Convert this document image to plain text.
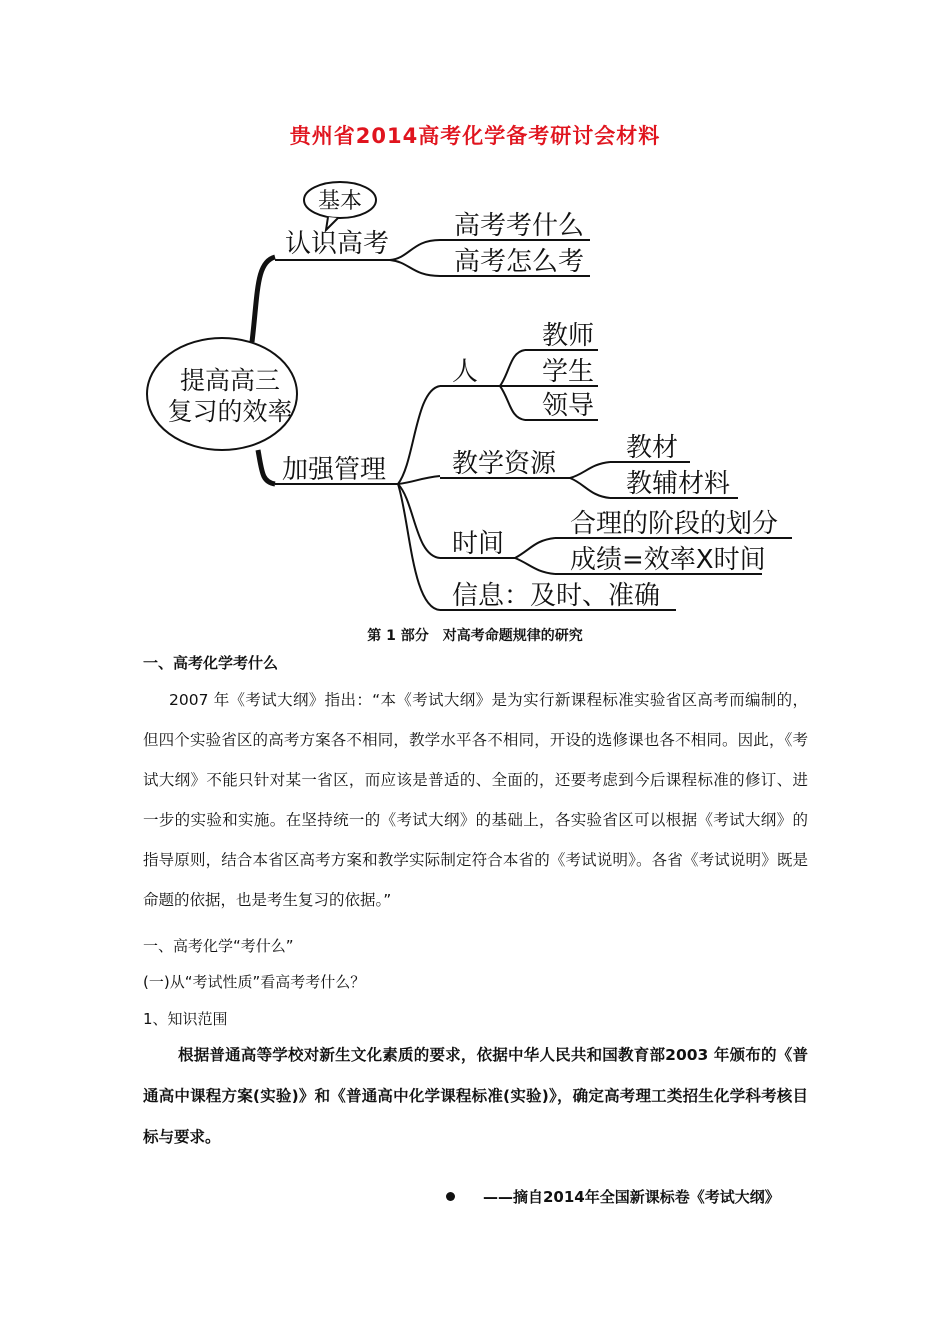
贵州省2014高考化学备考研讨会材料
提高高三
复习的效率
基本
认识高考
高考考什么
高考怎么考
加强管理
人
教师
学生
领导
教学资源
教材
教辅材料
时间
合理的阶段的划分
成绩=效率X时间
信息：及时、准确
第 1 部分　对高考命题规律的研究
一、高考化学考什么
2007 年《考试大纲》指出：“本《考试大纲》是为实行新课程标准实验省区高考而编制的，但四个实验省区的高考方案各不相同，教学水平各不相同，开设的选修课也各不相同。因此，《考试大纲》不能只针对某一省区，而应该是普适的、全面的，还要考虑到今后课程标准的修订、进一步的实验和实施。在坚持统一的《考试大纲》的基础上，各实验省区可以根据《考试大纲》的指导原则，结合本省区高考方案和教学实际制定符合本省的《考试说明》。各省《考试说明》既是命题的依据，也是考生复习的依据。”
一、高考化学“考什么”
(一)从“考试性质”看高考考什么？
1、知识范围
根据普通高等学校对新生文化素质的要求，依据中华人民共和国教育部2003 年颁布的《普通高中课程方案(实验)》和《普通高中化学课程标准(实验)》，确定高考理工类招生化学科考核目标与要求。
——摘自2014年全国新课标卷《考试大纲》
